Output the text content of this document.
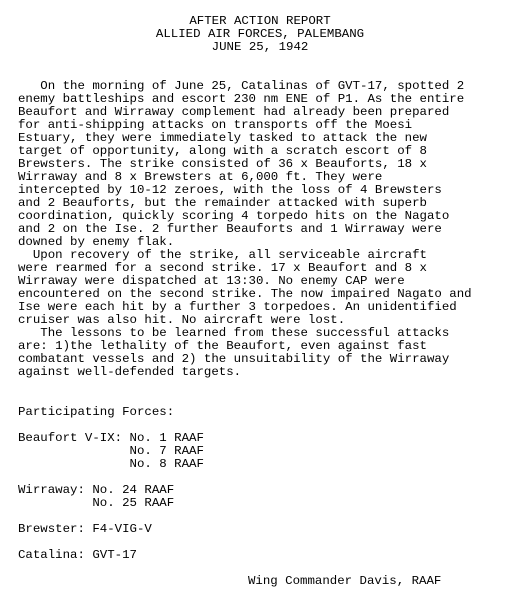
AFTER ACTION REPORT
ALLIED AIR FORCES, PALEMBANG
JUNE 25, 1942
On the morning of June 25, Catalinas of GVT-17, spotted 2
enemy battleships and escort 230 nm ENE of P1. As the entire
Beaufort and Wirraway complement had already been prepared
for anti-shipping attacks on transports off the Moesi
Estuary, they were immediately tasked to attack the new
target of opportunity, along with a scratch escort of 8
Brewsters. The strike consisted of 36 x Beauforts, 18 x
Wirraway and 8 x Brewsters at 6,000 ft. They were
intercepted by 10-12 zeroes, with the loss of 4 Brewsters
and 2 Beauforts, but the remainder attacked with superb
coordination, quickly scoring 4 torpedo hits on the Nagato
and 2 on the Ise. 2 further Beauforts and 1 Wirraway were
downed by enemy flak.
Upon recovery of the strike, all serviceable aircraft
were rearmed for a second strike. 17 x Beaufort and 8 x
Wirraway were dispatched at 13:30. No enemy CAP were
encountered on the second strike. The now impaired Nagato and
Ise were each hit by a further 3 torpedoes. An unidentified
cruiser was also hit. No aircraft were lost.
The lessons to be learned from these successful attacks
are: 1)the lethality of the Beaufort, even against fast
combatant vessels and 2) the unsuitability of the Wirraway
against well-defended targets.
Participating Forces:
Beaufort V-IX: No. 1 RAAF
No. 7 RAAF
No. 8 RAAF
Wirraway: No. 24 RAAF
No. 25 RAAF
Brewster: F4-VIG-V
Catalina: GVT-17
Wing Commander Davis, RAAF
